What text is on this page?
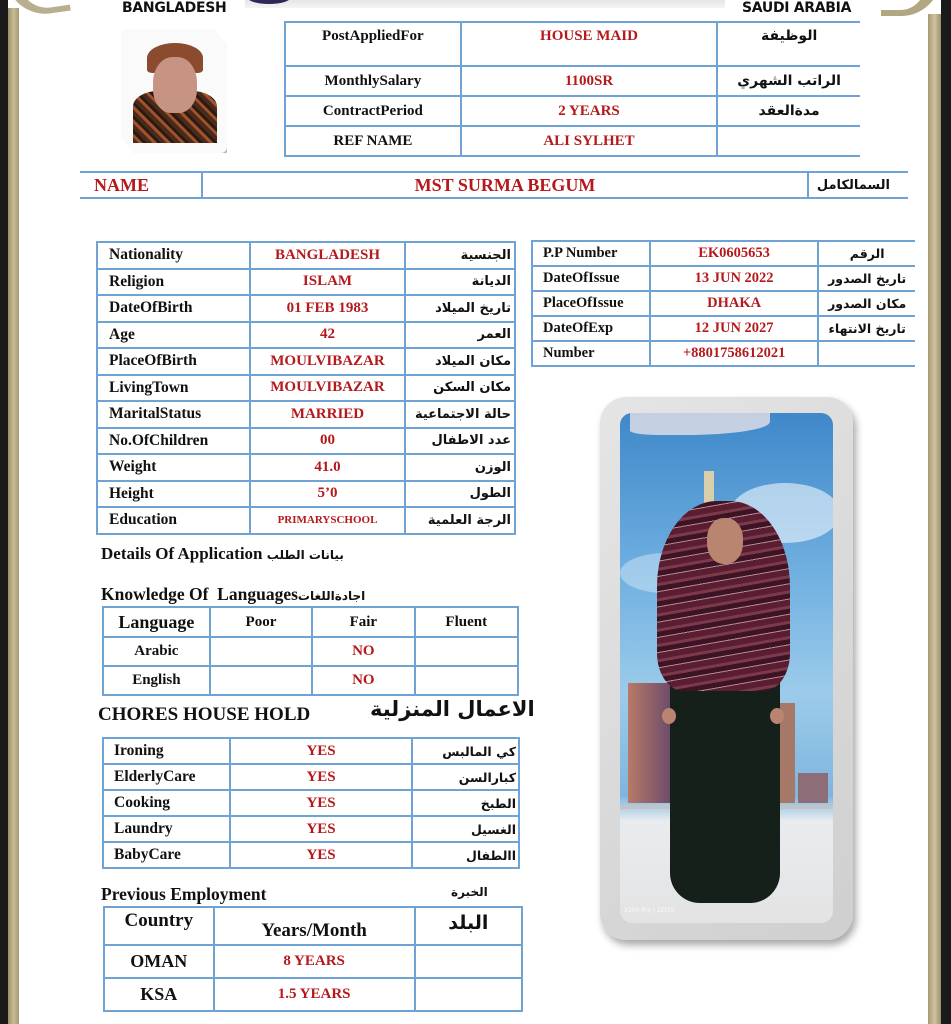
BANGLADESH	SAUDI ARABIA
PostAppliedFor	HOUSE MAID	الوظيفة
MonthlySalary	1100SR	الراتب الشهري
ContractPeriod	2 YEARS	مدةالعقد
REF NAME	ALI SYLHET	
NAME	MST SURMA BEGUM	السمالكامل
Nationality	BANGLADESH	الجنسية
Religion	ISLAM	الديانة
DateOfBirth	01 FEB 1983	تاريخ الميلاد
Age	42	العمر
PlaceOfBirth	MOULVIBAZAR	مكان الميلاد
LivingTown	MOULVIBAZAR	مكان السكن
MaritalStatus	MARRIED	حالة الاجتماعية
No.OfChildren	00	عدد الاطفال
Weight	41.0	الوزن
Height	5’0	الطول
Education	PRIMARYSCHOOL	الرجة العلمية
P.P Number	EK0605653	الرقم
DateOfIssue	13 JUN 2022	تاريخ الصدور
PlaceOfIssue	DHAKA	مكان الصدور
DateOfExp	12 JUN 2027	تاريخ الانتهاء
Number	+8801758612021	
Details Of Application بيانات الطلب
Knowledge Of  Languagesاجادةاللغات
Language	Poor	Fair	Fluent
Arabic		NO	
English		NO	
CHORES HOUSE HOLD	الاعمال المنزلية
Ironing	YES	كي المالبس
ElderlyCare	YES	كبارالسن
Cooking	YES	الطبخ
Laundry	YES	الغسيل
BabyCare	YES	االطفال
Previous Employment	الخبرة
Country	Years/Month	البلد
OMAN	8 YEARS	
KSA	1.5 YEARS	
X200 Pro | ZEISS
